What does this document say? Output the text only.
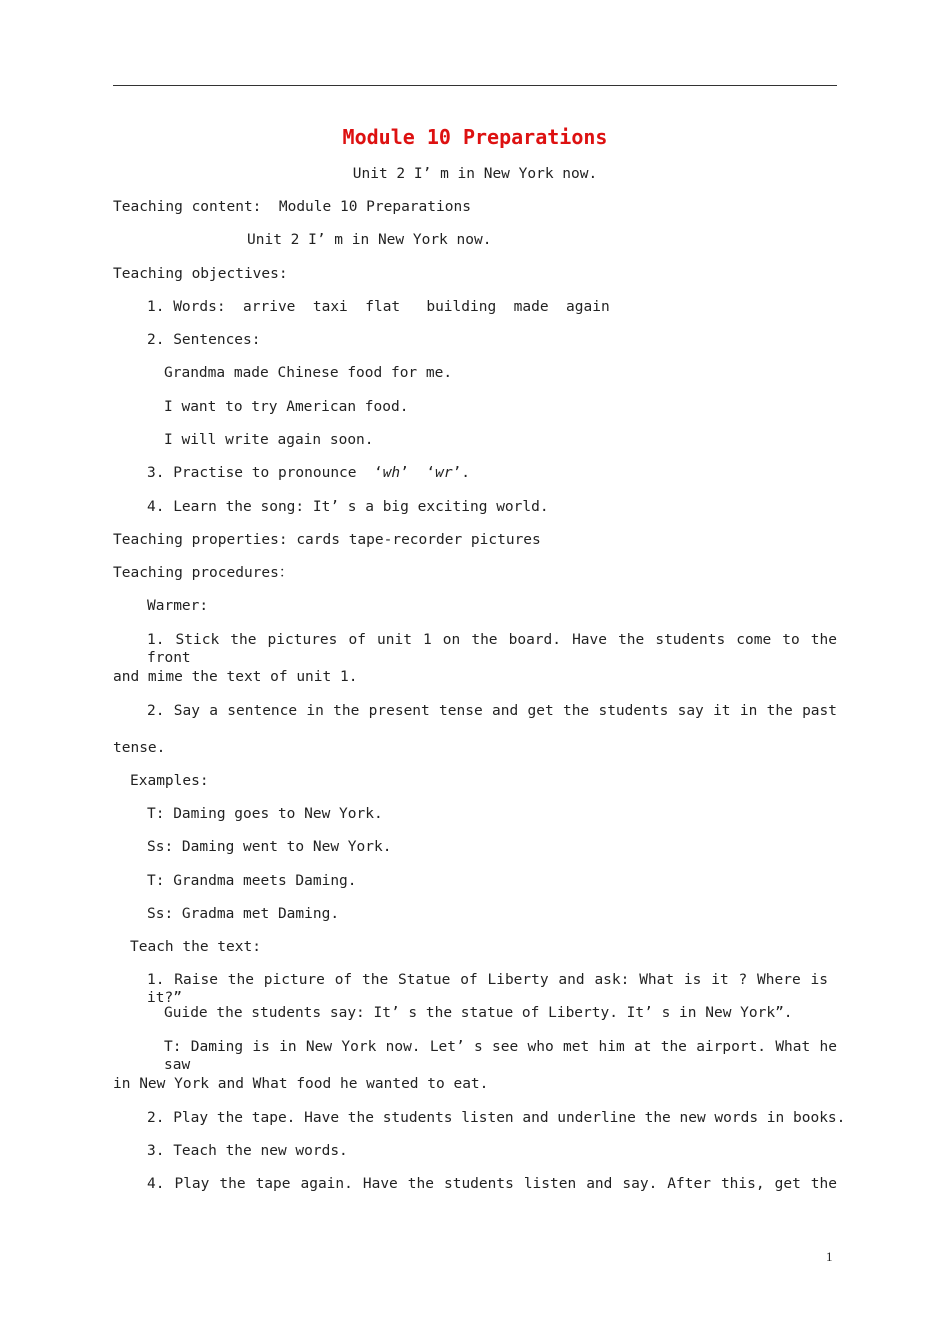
Module 10 Preparations
Unit 2 I’ m in New York now.
Teaching content:  Module 10 Preparations
Unit 2 I’ m in New York now.
Teaching objectives:
1. Words:  arrive  taxi  flat   building  made  again
2. Sentences:
Grandma made Chinese food for me.
I want to try American food.
I will write again soon.
3. Practise to pronounce  ‘wh’  ‘wr’.
4. Learn the song: It’ s a big exciting world.
Teaching properties: cards tape-recorder pictures
Teaching procedures：
Warmer:
1. Stick the pictures of unit 1 on the board. Have the students come to the front
and mime the text of unit 1.
2. Say a sentence in the present tense and get the students say it in the past
tense.
Examples:
T: Daming goes to New York.
Ss: Daming went to New York.
T: Grandma meets Daming.
Ss: Gradma met Daming.
Teach the text:
1. Raise the picture of the Statue of Liberty and ask: What is it ? Where is it?”
Guide the students say: It’ s the statue of Liberty. It’ s in New York”.
T: Daming is in New York now. Let’ s see who met him at the airport. What he saw
in New York and What food he wanted to eat.
2. Play the tape. Have the students listen and underline the new words in books.
3. Teach the new words.
4. Play the tape again. Have the students listen and say. After this, get the
1
